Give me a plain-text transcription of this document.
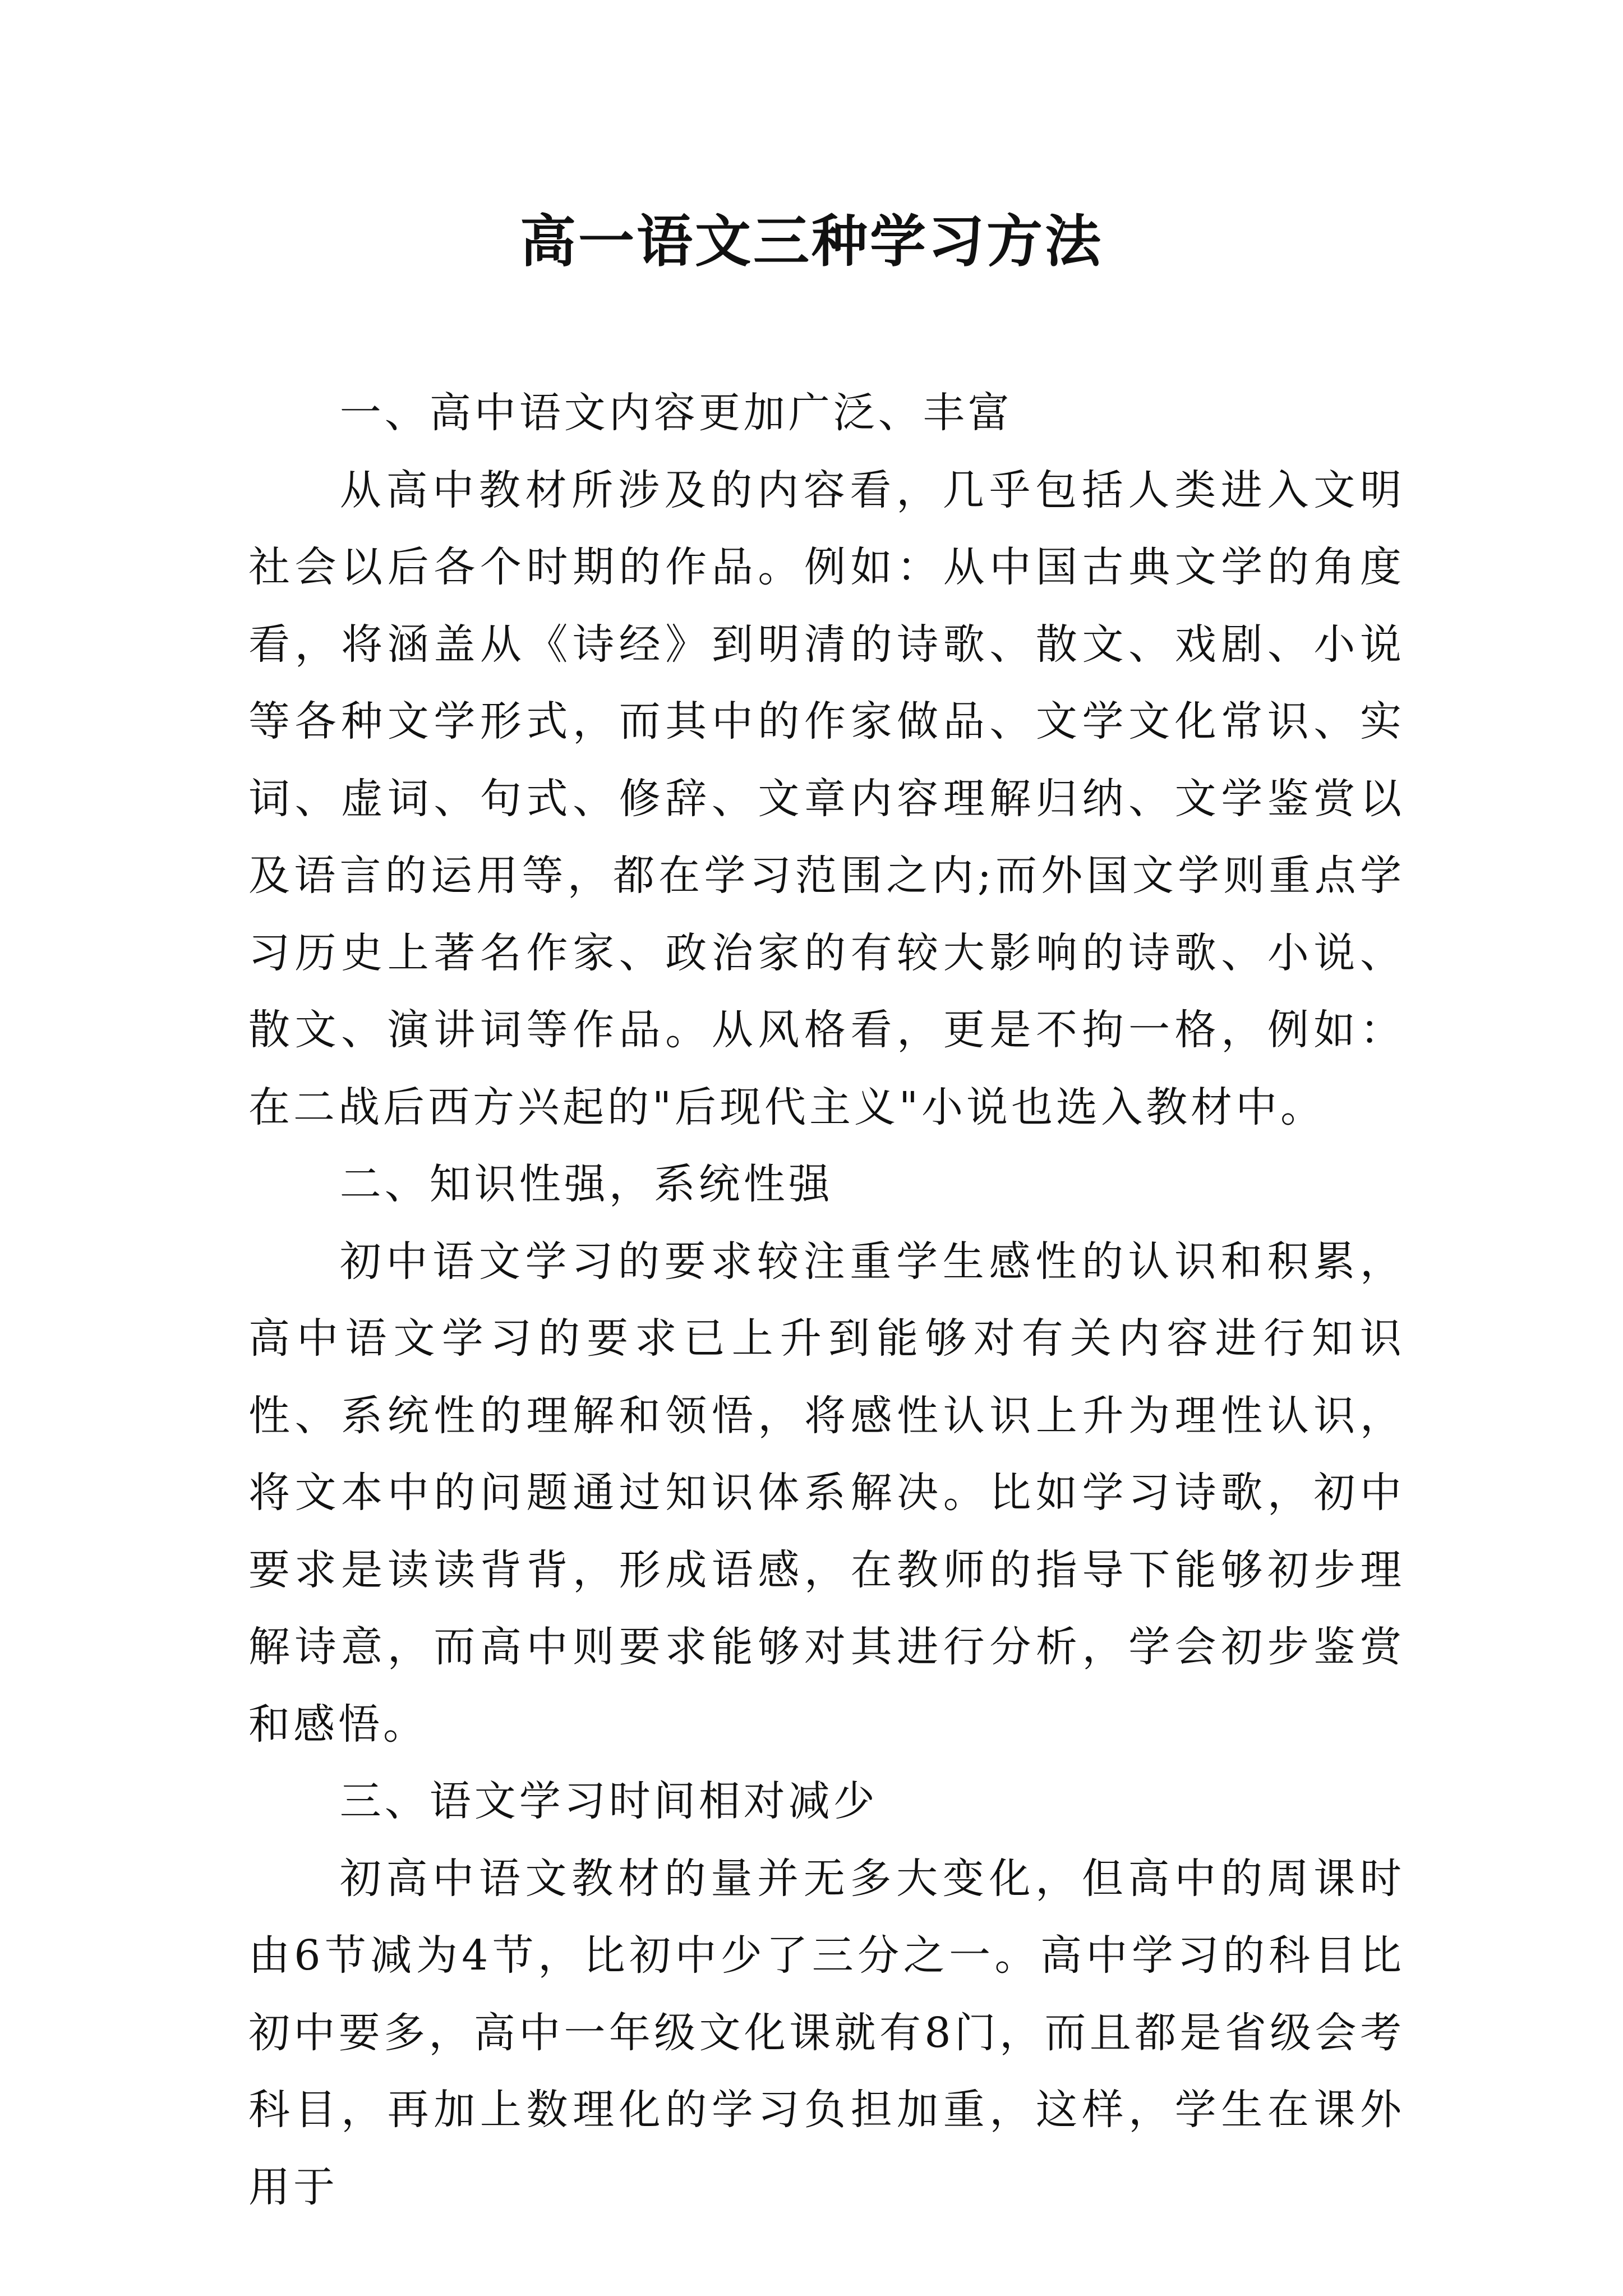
高一语文三种学习方法

一、高中语文内容更加广泛、丰富

从高中教材所涉及的内容看，几乎包括人类进入文明社会以后各个时期的作品。例如：从中国古典文学的角度看，将涵盖从《诗经》到明清的诗歌、散文、戏剧、小说等各种文学形式，而其中的作家做品、文学文化常识、实词、虚词、句式、修辞、文章内容理解归纳、文学鉴赏以及语言的运用等，都在学习范围之内;而外国文学则重点学习历史上著名作家、政治家的有较大影响的诗歌、小说、散文、演讲词等作品。从风格看，更是不拘一格，例如：在二战后西方兴起的"后现代主义"小说也选入教材中。

二、知识性强，系统性强

初中语文学习的要求较注重学生感性的认识和积累，高中语文学习的要求已上升到能够对有关内容进行知识性、系统性的理解和领悟，将感性认识上升为理性认识，将文本中的问题通过知识体系解决。比如学习诗歌，初中要求是读读背背，形成语感，在教师的指导下能够初步理解诗意，而高中则要求能够对其进行分析，学会初步鉴赏和感悟。

三、语文学习时间相对减少

初高中语文教材的量并无多大变化，但高中的周课时由6节减为4节，比初中少了三分之一。高中学习的科目比初中要多，高中一年级文化课就有8门，而且都是省级会考科目，再加上数理化的学习负担加重，这样，学生在课外用于
